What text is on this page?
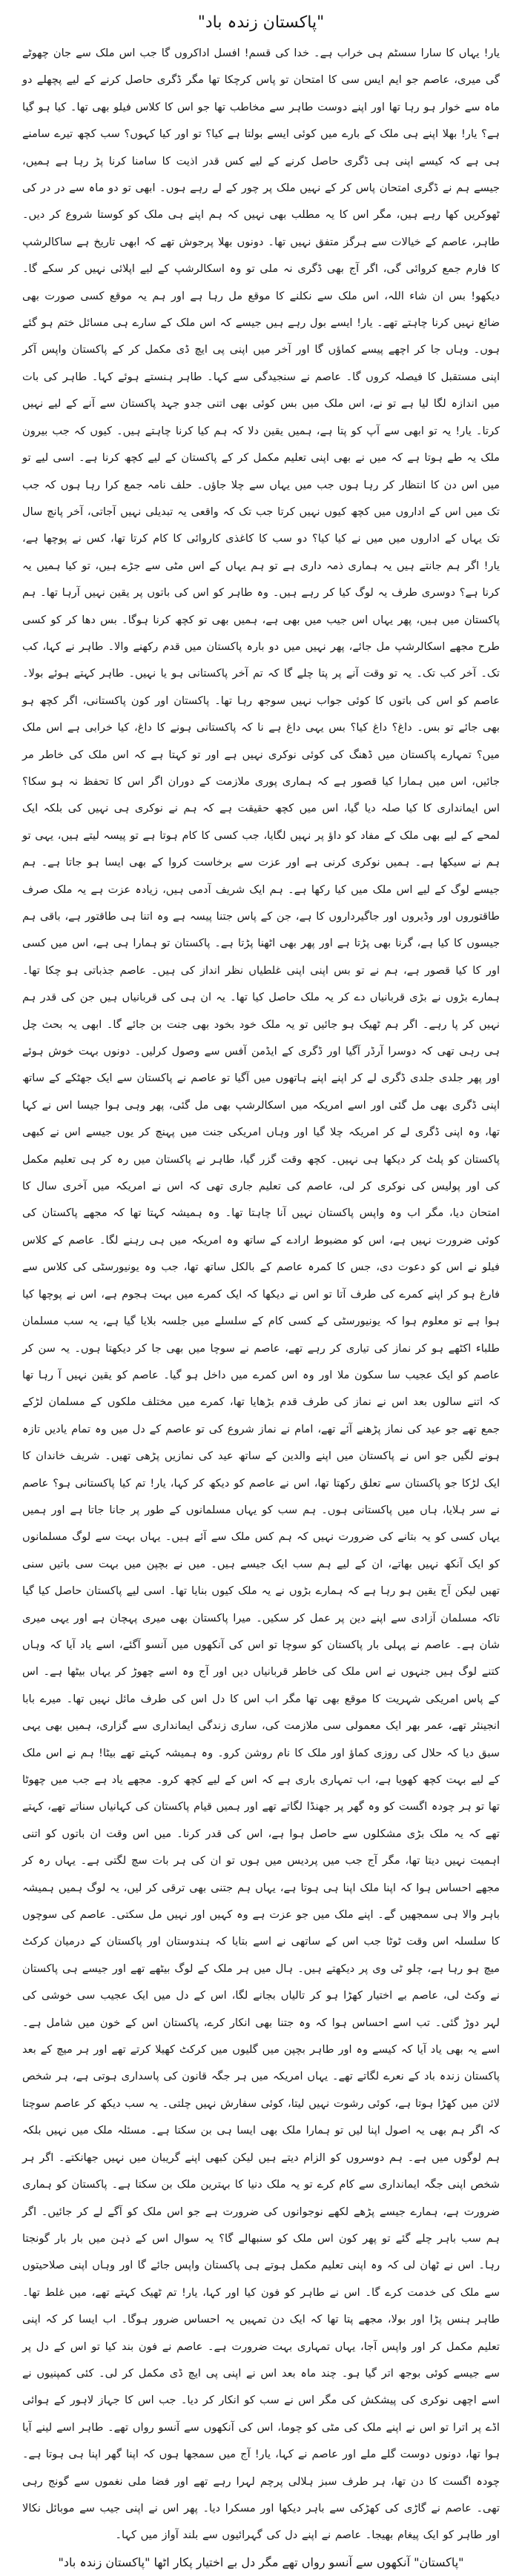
"پاکستان زندہ باد"

یار! یہاں کا سارا سسٹم ہی خراب ہے۔ خدا کی قسم! افسل اداکروں گا جب اس ملک سے جان چھوٹے گی میری، عاصم جو ایم ایس سی کا امتحان تو پاس کرچکا تھا مگر ڈگری حاصل کرنے کے لیے پچھلے دو ماہ سے خوار ہو رہا تھا اور اپنے دوست طاہر سے مخاطب تھا جو اس کا کلاس فیلو بھی تھا۔ کیا ہو گیا ہے؟ یار! بھلا اپنے ہی ملک کے بارے میں کوئی ایسے بولتا ہے کیا؟ تو اور کیا کہوں؟ سب کچھ تیرے سامنے ہی ہے کہ کیسے اپنی ہی ڈگری حاصل کرنے کے لیے کس قدر اذیت کا سامنا کرنا پڑ رہا ہے ہمیں، جیسے ہم نے ڈگری امتحان پاس کر کے نہیں ملک پر چور کے لے رہے ہوں۔ ابھی تو دو ماہ سے در در کی ٹھوکریں کھا رہے ہیں، مگر اس کا یہ مطلب بھی نہیں کہ ہم اپنے ہی ملک کو کوستا شروع کر دیں۔ طاہر، عاصم کے خیالات سے ہرگز متفق نہیں تھا۔ دونوں بھلا پرجوش تھے کہ ابھی تاریخ ہے ساکالرشپ کا فارم جمع کروائی گی، اگر آج بھی ڈگری نہ ملی تو وہ اسکالرشپ کے لیے اپلائی نہیں کر سکے گا۔ دیکھو! بس ان شاء اللہ، اس ملک سے نکلنے کا موقع مل رہا ہے اور ہم یہ موقع کسی صورت بھی ضائع نہیں کرنا چاہتے تھے۔ یار! ایسے بول رہے ہیں جیسے کہ اس ملک کے سارے ہی مسائل ختم ہو گئے ہوں۔ وہاں جا کر اچھے پیسے کماؤں گا اور آخر میں اپنی پی ایچ ڈی مکمل کر کے پاکستان واپس آکر اپنی مستقبل کا فیصلہ کروں گا۔ عاصم نے سنجیدگی سے کہا۔ طاہر ہنستے ہوئے کہا۔ طاہر کی بات میں اندازہ لگا لیا ہے تو نے، اس ملک میں بس کوئی بھی اتنی جدو جہد پاکستان سے آنے کے لیے نہیں کرتا۔ یار! یہ تو ابھی سے آپ کو پتا ہے، ہمیں یقین دلا کہ ہم کیا کرنا چاہتے ہیں۔ کیوں کہ جب بیرون ملک یہ طے ہوتا ہے کہ میں نے بھی اپنی تعلیم مکمل کر کے پاکستان کے لیے کچھ کرنا ہے۔ اسی لیے تو میں اس دن کا انتظار کر رہا ہوں جب میں یہاں سے چلا جاؤں۔ حلف نامہ جمع کرا رہا ہوں کہ جب تک میں اس کے اداروں میں کچھ کیوں نہیں کرتا جب تک کہ واقعی یہ تبدیلی نہیں آجاتی، آخر پانچ سال تک یہاں کے اداروں میں میں نے کیا کیا؟ دو سب کا کاغذی کاروائی کا کام کرتا تھا، کس نے پوچھا ہے، یار! اگر ہم جانتے ہیں یہ ہماری ذمہ داری ہے تو ہم یہاں کے اس مٹی سے جڑے ہیں، تو کیا ہمیں یہ کرنا ہے؟ دوسری طرف یہ لوگ کیا کر رہے ہیں۔ وہ طاہر کو اس کی باتوں پر یقین نہیں آرہا تھا۔ ہم پاکستان میں ہیں، پھر یہاں اس جیب میں بھی ہے، ہمیں بھی تو کچھ کرنا ہوگا۔ بس دھا کر کو کسی طرح مجھے اسکالرشپ مل جائے، پھر نہیں میں دو بارہ پاکستان میں قدم رکھنے والا۔ طاہر نے کہا، کب تک۔ آخر کب تک۔ یہ تو وقت آنے پر پتا چلے گا کہ تم آخر پاکستانی ہو یا نہیں۔ طاہر کہتے ہوئے بولا۔ عاصم کو اس کی باتوں کا کوئی جواب نہیں سوجھ رہا تھا۔ پاکستان اور کون پاکستانی، اگر کچھ ہو بھی جائے تو بس۔ داغ؟ داغ کیا؟ بس یہی داغ ہے نا کہ پاکستانی ہونے کا داغ، کیا خرابی ہے اس ملک میں؟ تمہارے پاکستان میں ڈھنگ کی کوئی نوکری نہیں ہے اور تو کہتا ہے کہ اس ملک کی خاطر مر جائیں، اس میں ہمارا کیا قصور ہے کہ ہماری پوری ملازمت کے دوران اگر اس کا تحفظ نہ ہو سکا؟ اس ایمانداری کا کیا صلہ دیا گیا، اس میں کچھ حقیقت ہے کہ ہم نے نوکری ہی نہیں کی بلکہ ایک لمحے کے لیے بھی ملک کے مفاد کو داؤ پر نہیں لگایا، جب کسی کا کام ہوتا ہے تو پیسہ لیتے ہیں، یہی تو ہم نے سیکھا ہے۔ ہمیں نوکری کرنی ہے اور عزت سے برخاست کروا کے بھی ایسا ہو جاتا ہے۔ ہم جیسے لوگ کے لیے اس ملک میں کیا رکھا ہے۔ ہم ایک شریف آدمی ہیں، زیادہ عزت ہے یہ ملک صرف طاقتوروں اور وڈیروں اور جاگیرداروں کا ہے، جن کے پاس جتنا پیسہ ہے وہ اتنا ہی طاقتور ہے، باقی ہم جیسوں کا کیا ہے، گرنا بھی پڑتا ہے اور پھر بھی اٹھنا پڑتا ہے۔ پاکستان تو ہمارا ہی ہے، اس میں کسی اور کا کیا قصور ہے، ہم نے تو بس اپنی اپنی غلطیاں نظر انداز کی ہیں۔ عاصم جذباتی ہو چکا تھا۔ ہمارے بڑوں نے بڑی قربانیاں دے کر یہ ملک حاصل کیا تھا۔ یہ ان ہی کی قربانیاں ہیں جن کی قدر ہم نہیں کر پا رہے۔ اگر ہم ٹھیک ہو جائیں تو یہ ملک خود بخود بھی جنت بن جائے گا۔ ابھی یہ بحث چل ہی رہی تھی کہ دوسرا آرڈر آگیا اور ڈگری کے ایڈمن آفس سے وصول کرلیں۔ دونوں بہت خوش ہوئے اور پھر جلدی جلدی ڈگری لے کر اپنے اپنے ہاتھوں میں آگیا تو عاصم نے پاکستان سے ایک جھٹکے کے ساتھ اپنی ڈگری بھی مل گئی اور اسے امریکہ میں اسکالرشپ بھی مل گئی، پھر وہی ہوا جیسا اس نے کہا تھا، وہ اپنی ڈگری لے کر امریکہ چلا گیا اور وہاں امریکی جنت میں پہنچ کر یوں جیسے اس نے کبھی پاکستان کو پلٹ کر دیکھا ہی نہیں۔ کچھ وقت گزر گیا، طاہر نے پاکستان میں رہ کر ہی تعلیم مکمل کی اور پولیس کی نوکری کر لی، عاصم کی تعلیم جاری تھی کہ اس نے امریکہ میں آخری سال کا امتحان دیا، مگر اب وہ واپس پاکستان نہیں آنا چاہتا تھا۔ وہ ہمیشہ کہتا تھا کہ مجھے پاکستان کی کوئی ضرورت نہیں ہے، اس کو مضبوط ارادے کے ساتھ وہ امریکہ میں ہی رہنے لگا۔ عاصم کے کلاس فیلو نے اس کو دعوت دی، جس کا کمرہ عاصم کے بالکل ساتھ تھا، جب وہ یونیورسٹی کی کلاس سے فارغ ہو کر اپنے کمرے کی طرف آتا تو اس نے دیکھا کہ ایک کمرے میں بہت ہجوم ہے، اس نے پوچھا کیا ہوا ہے تو معلوم ہوا کہ یونیورسٹی کے کسی کام کے سلسلے میں جلسہ بلایا گیا ہے، یہ سب مسلمان طلباء اکٹھے ہو کر نماز کی تیاری کر رہے تھے، عاصم نے سوچا میں بھی جا کر دیکھتا ہوں۔ یہ سن کر عاصم کو ایک عجیب سا سکون ملا اور وہ اس کمرے میں داخل ہو گیا۔ عاصم کو یقین نہیں آ رہا تھا کہ اتنے سالوں بعد اس نے نماز کی طرف قدم بڑھایا تھا، کمرے میں مختلف ملکوں کے مسلمان لڑکے جمع تھے جو عید کی نماز پڑھنے آئے تھے، امام نے نماز شروع کی تو عاصم کے دل میں وہ تمام یادیں تازہ ہونے لگیں جو اس نے پاکستان میں اپنے والدین کے ساتھ عید کی نمازیں پڑھی تھیں۔ شریف خاندان کا ایک لڑکا جو پاکستان سے تعلق رکھتا تھا، اس نے عاصم کو دیکھ کر کہا، یار! تم کیا پاکستانی ہو؟ عاصم نے سر ہلایا، ہاں میں پاکستانی ہوں۔ ہم سب کو یہاں مسلمانوں کے طور پر جانا جاتا ہے اور ہمیں یہاں کسی کو یہ بتانے کی ضرورت نہیں کہ ہم کس ملک سے آئے ہیں۔ یہاں بہت سے لوگ مسلمانوں کو ایک آنکھ نہیں بھاتے، ان کے لیے ہم سب ایک جیسے ہیں۔ میں نے بچپن میں بہت سی باتیں سنی تھیں لیکن آج یقین ہو رہا ہے کہ ہمارے بڑوں نے یہ ملک کیوں بنایا تھا۔ اسی لیے پاکستان حاصل کیا گیا تاکہ مسلمان آزادی سے اپنے دین پر عمل کر سکیں۔ میرا پاکستان بھی میری پہچان ہے اور یہی میری شان ہے۔ عاصم نے پہلی بار پاکستان کو سوچا تو اس کی آنکھوں میں آنسو آگئے، اسے یاد آیا کہ وہاں کتنے لوگ ہیں جنہوں نے اس ملک کی خاطر قربانیاں دیں اور آج وہ اسے چھوڑ کر یہاں بیٹھا ہے۔ اس کے پاس امریکی شہریت کا موقع بھی تھا مگر اب اس کا دل اس کی طرف مائل نہیں تھا۔ میرے بابا انجینئر تھے، عمر بھر ایک معمولی سی ملازمت کی، ساری زندگی ایمانداری سے گزاری، ہمیں بھی یہی سبق دیا کہ حلال کی روزی کماؤ اور ملک کا نام روشن کرو۔ وہ ہمیشہ کہتے تھے بیٹا! ہم نے اس ملک کے لیے بہت کچھ کھویا ہے، اب تمہاری باری ہے کہ اس کے لیے کچھ کرو۔ مجھے یاد ہے جب میں چھوٹا تھا تو ہر چودہ اگست کو وہ گھر پر جھنڈا لگاتے تھے اور ہمیں قیام پاکستان کی کہانیاں سناتے تھے، کہتے تھے کہ یہ ملک بڑی مشکلوں سے حاصل ہوا ہے، اس کی قدر کرنا۔ میں اس وقت ان باتوں کو اتنی اہمیت نہیں دیتا تھا، مگر آج جب میں پردیس میں ہوں تو ان کی ہر بات سچ لگتی ہے۔ یہاں رہ کر مجھے احساس ہوا کہ اپنا ملک اپنا ہی ہوتا ہے، یہاں ہم جتنی بھی ترقی کر لیں، یہ لوگ ہمیں ہمیشہ باہر والا ہی سمجھیں گے۔ اپنے ملک میں جو عزت ہے وہ کہیں اور نہیں مل سکتی۔ عاصم کی سوچوں کا سلسلہ اس وقت ٹوٹا جب اس کے ساتھی نے اسے بتایا کہ ہندوستان اور پاکستان کے درمیان کرکٹ میچ ہو رہا ہے، چلو ٹی وی پر دیکھتے ہیں۔ ہال میں ہر ملک کے لوگ بیٹھے تھے اور جیسے ہی پاکستان نے وکٹ لی، عاصم بے اختیار کھڑا ہو کر تالیاں بجانے لگا، اس کے دل میں ایک عجیب سی خوشی کی لہر دوڑ گئی۔ تب اسے احساس ہوا کہ وہ جتنا بھی انکار کرے، پاکستان اس کے خون میں شامل ہے۔ اسے یہ بھی یاد آیا کہ کیسے وہ اور طاہر بچپن میں گلیوں میں کرکٹ کھیلا کرتے تھے اور ہر میچ کے بعد پاکستان زندہ باد کے نعرے لگاتے تھے۔ یہاں امریکہ میں ہر جگہ قانون کی پاسداری ہوتی ہے، ہر شخص لائن میں کھڑا ہوتا ہے، کوئی رشوت نہیں لیتا، کوئی سفارش نہیں چلتی۔ یہ سب دیکھ کر عاصم سوچتا کہ اگر ہم بھی یہ اصول اپنا لیں تو ہمارا ملک بھی ایسا ہی بن سکتا ہے۔ مسئلہ ملک میں نہیں بلکہ ہم لوگوں میں ہے۔ ہم دوسروں کو الزام دیتے ہیں لیکن کبھی اپنے گریبان میں نہیں جھانکتے۔ اگر ہر شخص اپنی جگہ ایمانداری سے کام کرے تو یہ ملک دنیا کا بہترین ملک بن سکتا ہے۔ پاکستان کو ہماری ضرورت ہے، ہمارے جیسے پڑھے لکھے نوجوانوں کی ضرورت ہے جو اس ملک کو آگے لے کر جائیں۔ اگر ہم سب باہر چلے گئے تو پھر کون اس ملک کو سنبھالے گا؟ یہ سوال اس کے ذہن میں بار بار گونجتا رہا۔ اس نے ٹھان لی کہ وہ اپنی تعلیم مکمل ہوتے ہی پاکستان واپس جائے گا اور وہاں اپنی صلاحیتوں سے ملک کی خدمت کرے گا۔ اس نے طاہر کو فون کیا اور کہا، یار! تم ٹھیک کہتے تھے، میں غلط تھا۔ طاہر ہنس پڑا اور بولا، مجھے پتا تھا کہ ایک دن تمہیں یہ احساس ضرور ہوگا۔ اب ایسا کر کہ اپنی تعلیم مکمل کر اور واپس آجا، یہاں تمہاری بہت ضرورت ہے۔ عاصم نے فون بند کیا تو اس کے دل پر سے جیسے کوئی بوجھ اتر گیا ہو۔ چند ماہ بعد اس نے اپنی پی ایچ ڈی مکمل کر لی۔ کئی کمپنیوں نے اسے اچھی نوکری کی پیشکش کی مگر اس نے سب کو انکار کر دیا۔ جب اس کا جہاز لاہور کے ہوائی اڈے پر اترا تو اس نے اپنے ملک کی مٹی کو چوما، اس کی آنکھوں سے آنسو رواں تھے۔ طاہر اسے لینے آیا ہوا تھا، دونوں دوست گلے ملے اور عاصم نے کہا، یار! آج میں سمجھا ہوں کہ اپنا گھر اپنا ہی ہوتا ہے۔ چودہ اگست کا دن تھا، ہر طرف سبز ہلالی پرچم لہرا رہے تھے اور فضا ملی نغموں سے گونج رہی تھی۔ عاصم نے گاڑی کی کھڑکی سے باہر دیکھا اور مسکرا دیا۔ پھر اس نے اپنی جیب سے موبائل نکالا اور طاہر کو ایک پیغام بھیجا۔ عاصم نے اپنے دل کی گہرائیوں سے بلند آواز میں کہا۔

"پاکستان" آنکھوں سے آنسو رواں تھے مگر دل بے اختیار پکار اٹھا "پاکستان زندہ باد"
